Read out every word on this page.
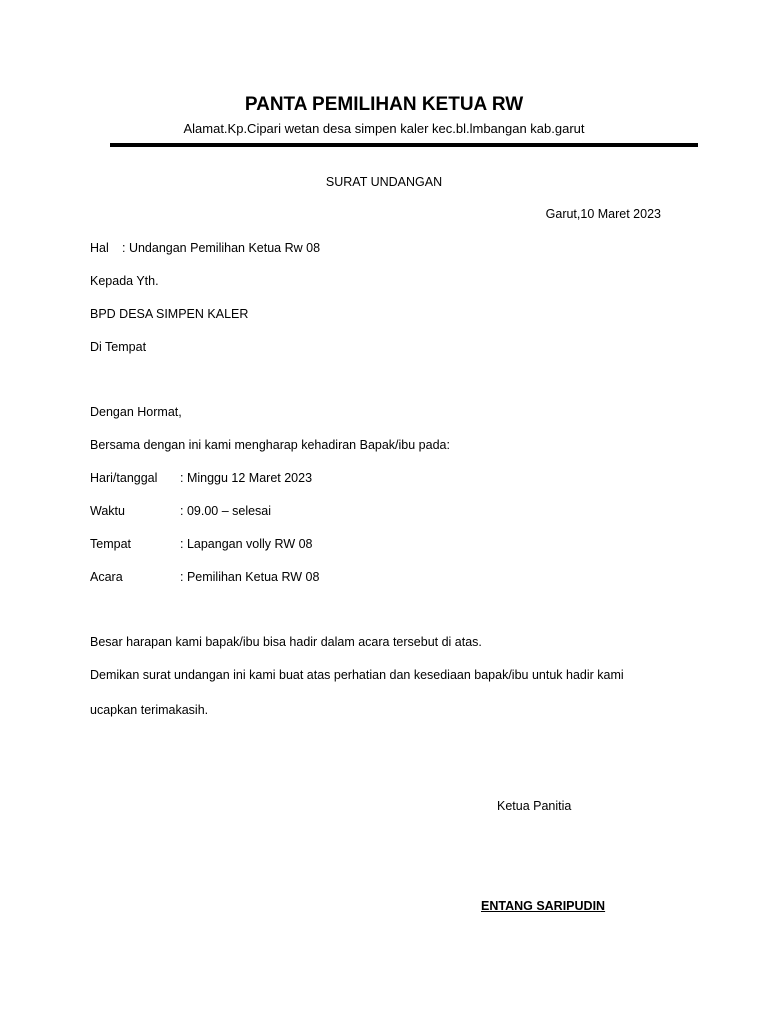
PANTA PEMILIHAN KETUA RW
Alamat.Kp.Cipari wetan desa simpen kaler kec.bl.lmbangan kab.garut
SURAT UNDANGAN
Garut,10 Maret 2023
Hal : Undangan Pemilihan Ketua Rw 08
Kepada Yth.
BPD DESA SIMPEN KALER
Di Tempat
Dengan Hormat,
Bersama dengan ini kami mengharap kehadiran Bapak/ibu pada:
Hari/tanggal : Minggu 12 Maret 2023
Waktu	: 09.00 – selesai
Tempat	: Lapangan volly RW 08
Acara	: Pemilihan Ketua RW 08
Besar harapan kami bapak/ibu bisa hadir dalam acara tersebut di atas.
Demikan surat undangan ini kami buat atas perhatian dan kesediaan bapak/ibu untuk hadir kami
ucapkan terimakasih.
Ketua Panitia
ENTANG SARIPUDIN
